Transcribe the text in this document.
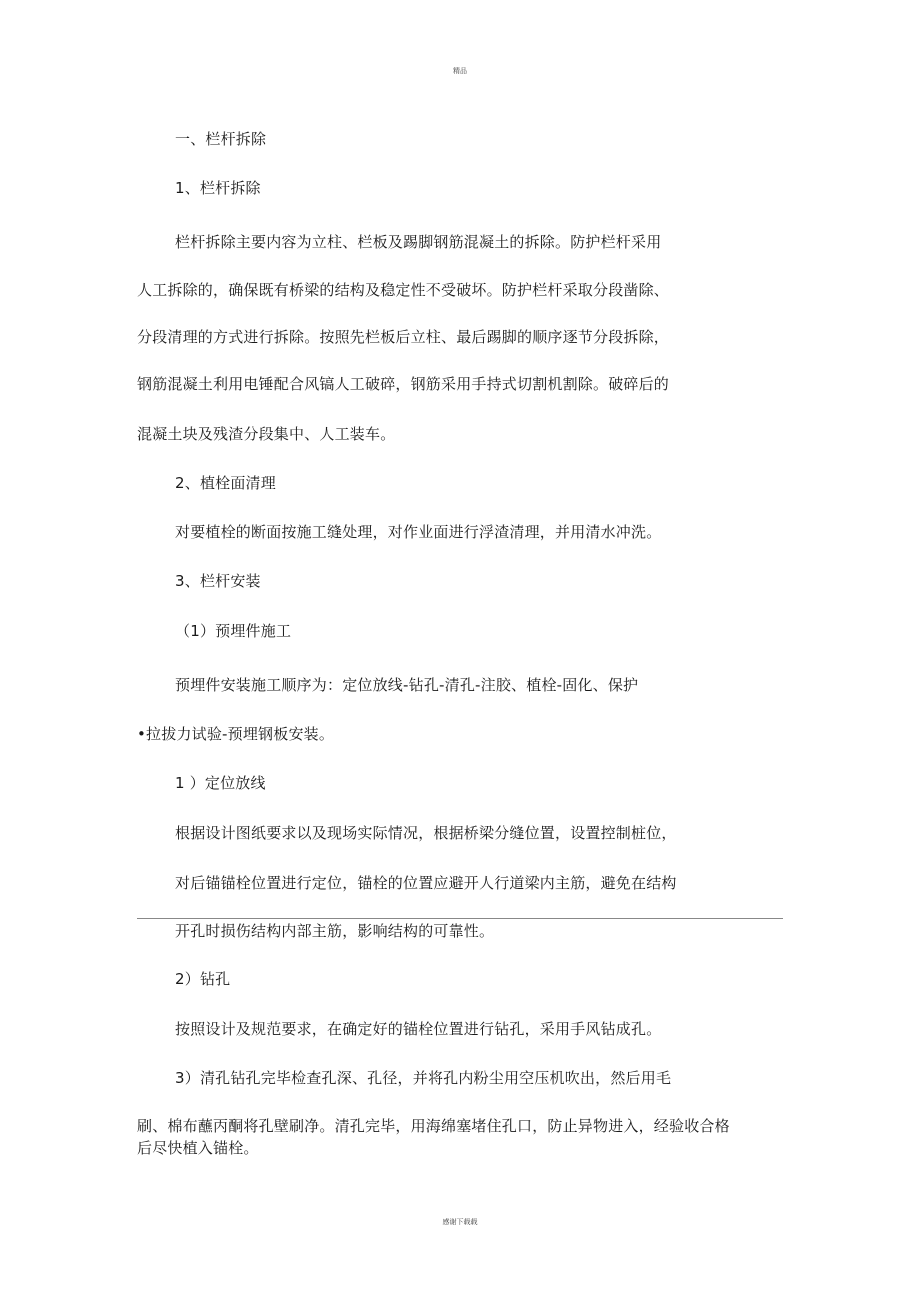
精品
一、栏杆拆除
1、栏杆拆除
栏杆拆除主要内容为立柱、栏板及踢脚钢筋混凝土的拆除。防护栏杆采用
人工拆除的，确保既有桥梁的结构及稳定性不受破坏。防护栏杆采取分段凿除、
分段清理的方式进行拆除。按照先栏板后立柱、最后踢脚的顺序逐节分段拆除，
钢筋混凝土利用电锤配合风镐人工破碎，钢筋采用手持式切割机割除。破碎后的
混凝土块及残渣分段集中、人工装车。
2、植栓面清理
对要植栓的断面按施工缝处理，对作业面进行浮渣清理，并用清水冲洗。
3、栏杆安装
（1）预埋件施工
预埋件安装施工顺序为：定位放线-钻孔-清孔-注胶、植栓-固化、保护
•拉拔力试验-预埋钢板安装。
1 ）定位放线
根据设计图纸要求以及现场实际情况，根据桥梁分缝位置，设置控制桩位，
对后锚锚栓位置进行定位，锚栓的位置应避开人行道梁内主筋，避免在结构
开孔时损伤结构内部主筋，影响结构的可靠性。
2）钻孔
按照设计及规范要求，在确定好的锚栓位置进行钻孔，采用手风钻成孔。
3）清孔钻孔完毕检查孔深、孔径，并将孔内粉尘用空压机吹出，然后用毛
刷、棉布蘸丙酮将孔壁刷净。清孔完毕，用海绵塞堵住孔口，防止异物进入，经验收合格
后尽快植入锚栓。
感谢下载载
